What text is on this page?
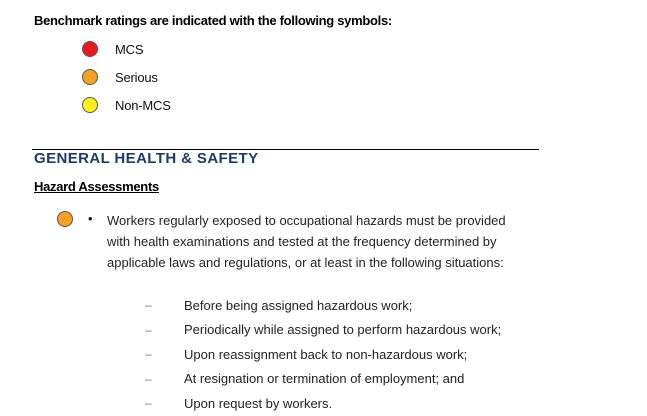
Benchmark ratings are indicated with the following symbols:
MCS
Serious
Non-MCS
GENERAL HEALTH & SAFETY
Hazard Assessments
• Workers regularly exposed to occupational hazards must be provided with health examinations and tested at the frequency determined by applicable laws and regulations, or at least in the following situations:
–	Before being assigned hazardous work;
–	Periodically while assigned to perform hazardous work;
–	Upon reassignment back to non-hazardous work;
–	At resignation or termination of employment; and
–	Upon request by workers.
